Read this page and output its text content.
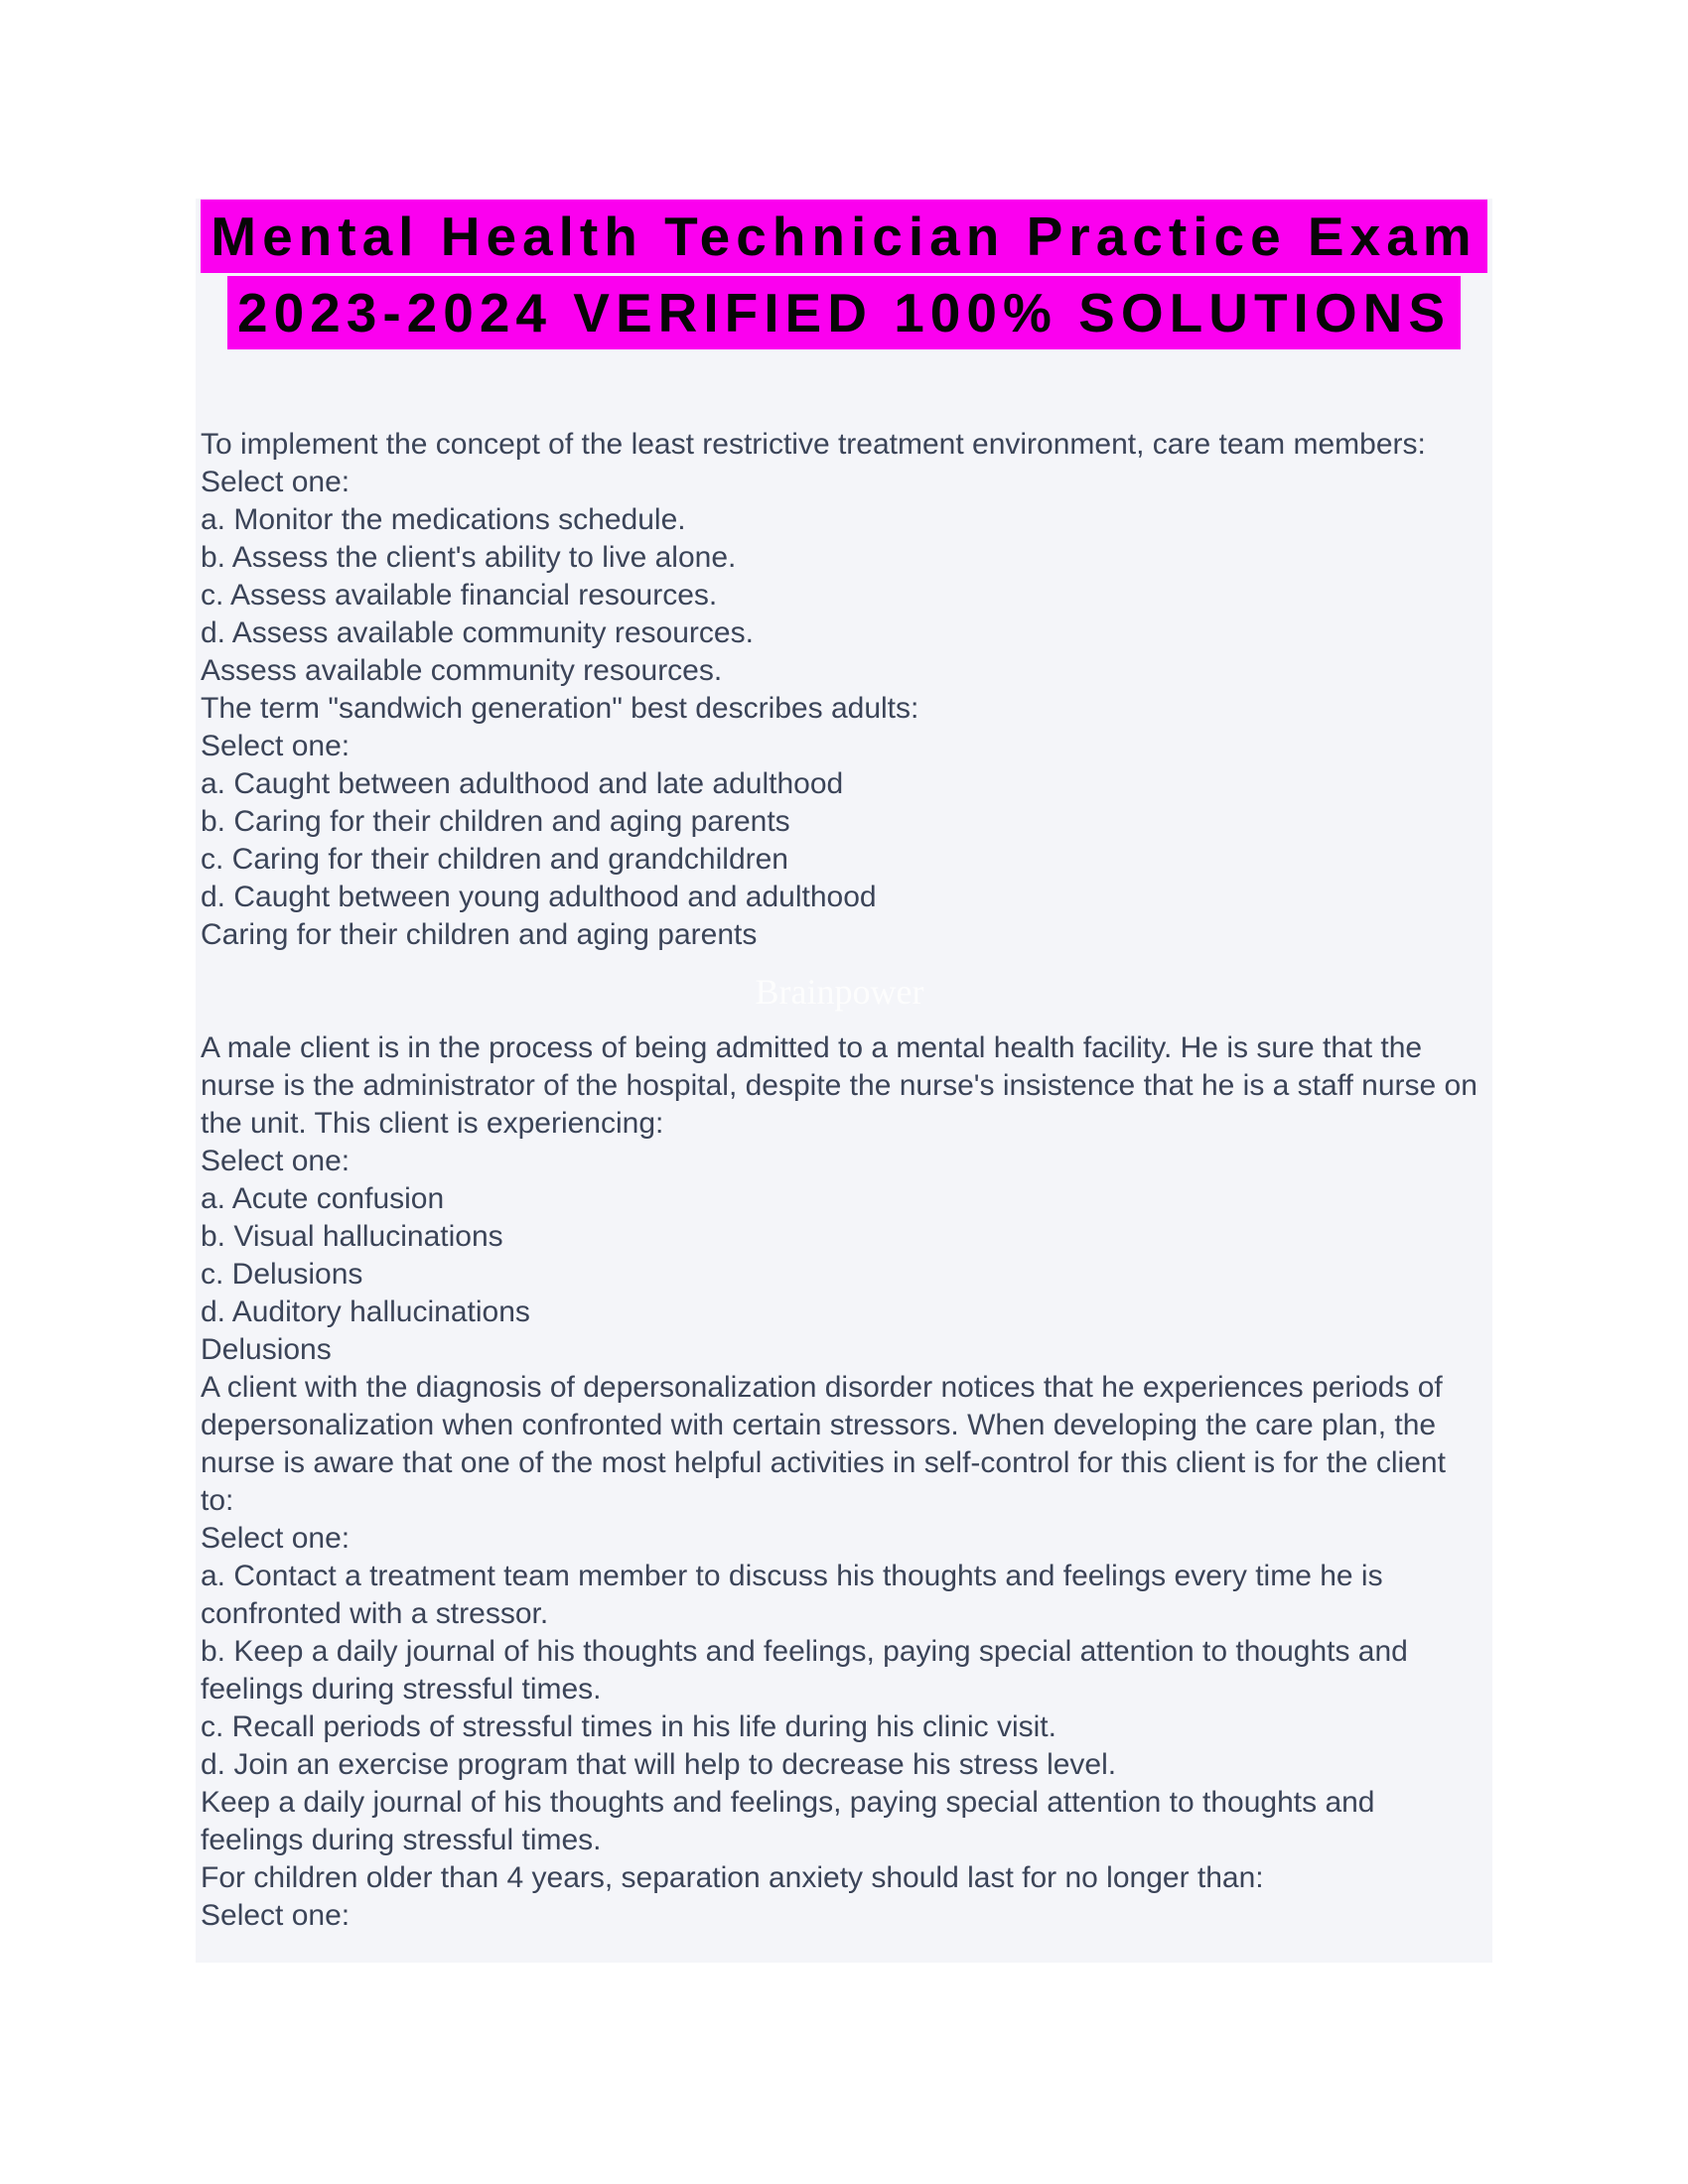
Mental Health Technician Practice Exam
2023-2024 VERIFIED 100% SOLUTIONS

To implement the concept of the least restrictive treatment environment, care team members:

Select one:

a. Monitor the medications schedule.

b. Assess the client's ability to live alone.

c. Assess available financial resources.

d. Assess available community resources.

Assess available community resources.

The term "sandwich generation" best describes adults:

Select one:

a. Caught between adulthood and late adulthood

b. Caring for their children and aging parents

c. Caring for their children and grandchildren

d. Caught between young adulthood and adulthood

Caring for their children and aging parents

Brainpower

A male client is in the process of being admitted to a mental health facility. He is sure that the nurse is the administrator of the hospital, despite the nurse's insistence that he is a staff nurse on the unit. This client is experiencing:

Select one:

a. Acute confusion

b. Visual hallucinations

c. Delusions

d. Auditory hallucinations

Delusions

A client with the diagnosis of depersonalization disorder notices that he experiences periods of depersonalization when confronted with certain stressors. When developing the care plan, the nurse is aware that one of the most helpful activities in self-control for this client is for the client to:

Select one:

a. Contact a treatment team member to discuss his thoughts and feelings every time he is confronted with a stressor.

b. Keep a daily journal of his thoughts and feelings, paying special attention to thoughts and feelings during stressful times.

c. Recall periods of stressful times in his life during his clinic visit.

d. Join an exercise program that will help to decrease his stress level.

Keep a daily journal of his thoughts and feelings, paying special attention to thoughts and feelings during stressful times.

For children older than 4 years, separation anxiety should last for no longer than:

Select one:
